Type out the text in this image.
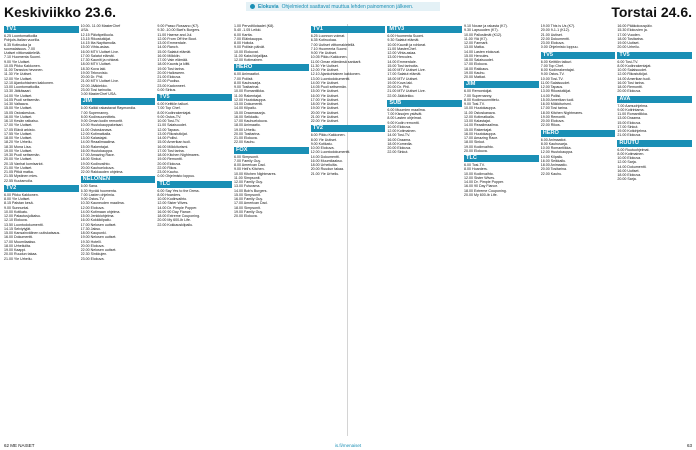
Keskiviikko 23.6.	Elokuvia Ohjelmiedot saattavat muuttua lehden painomenon jälkeen.	Torstai 24.6.
TV1
6.25 Luontomatkoilla
Pohjois-Italian vuorilla.
6.35 Kotiruoka ja
suomalaisuus. 7.00
Uutiset viittomakielellä.
7.10 Huomenta Suomi.
9.00 Yle Uutiset.
10.05 Pikku Kakkonen.
11.00 Tanssiva hevonen.
11.30 Yle Uutiset.
12.00 Yle Uutiset.
12.10 Ajankohtainen kakkonen.
13.00 Luontomatkoilla.
13.30 Jätkäsaari.
14.00 Yle Uutiset.
14.05 Puoli seitsemän.
14.30 Valtaava.
15.00 Yle Uutiset.
15.05 Ostoskeskus.
16.00 Yle Uutiset.
16.10 Kesän ratkaisu.
17.00 Yle Uutiset.
17.05 Elävä arkisto.
17.55 Yle Uutiset.
18.00 Yle Uutiset.
18.20 Yle Urheilu.
18.30 Mona Lisa.
19.00 Yle Uutiset.
19.30 Puoli seitsemän.
20.00 Yle Uutiset.
20.15 Vanhat komisariot.
21.00 Yle Uutiset.
21.05 Pitkä matka.
21.55 Mystinen mies.
22.55 Kuutamolla.
TV2
6.00 Pikku Kakkonen.
8.00 Yle Uutiset.
8.15 Palstan kesä.
9.00 Sunnuntai.
10.00 Kotikatu.
12.00 Palautusjulkaisu.
12.10 Elokuva.
13.50 Luontodokumentti.
14.15 Selviytyjät.
15.00 Kansainvälinen uutiskatsaus.
16.00 Dokumentti.
17.00 Muumilaakso.
18.00 Urheiluilta.
19.00 Kaappi.
20.00 Ruudun takaa.
21.00 Yle Urheilu.
10.00- 11.00 MasterChef
USA.
12.15 Päiväpeliluola.
13.15 Rikostutkijat.
14.15 Ilta Nayttamolla.
15.00 Vihta-asiaa.
16.00 MTV Uutiset Live.
17.00 Salatut elämät.
17.30 Kauniit ja rohkeat.
18.00 MTV Uutiset.
18.30 Kova laki.
19.00 Teknovisio.
20.00 Dr. Phil.
21.00 MTV Uutiset Live.
22.00 Jääkiekko.
23.00 Tosi tarinoita.
0.00 MasterChef USA.
JIM
6.00 Kaikki rakastavat Raymondia.
7.00 Supernanny.
8.00 Kodinsuunnittelu.
9.00 Oman kodin remontit.
10.00 Huutokauppakeisari.
11.00 Ostoskanava.
12.00 Kotimatkalla.
13.00 Kalastajat.
14.00 Reaalimaailma.
15.00 Rakentajat.
16.00 Huutokauppa.
17.00 Amazing Race.
18.00 Sinkut.
19.00 Kodinvaihto.
20.00 Kauhuelokuva.
22.00 Rakkauden ohjelma.
NELONEN
6.00 Sana.
6.30 Hyvää huomenta.
7.00 Lasten ohjelmia.
9.00 Ostos-TV.
10.30 Kauneuden maailma.
12.00 Elokuva.
14.00 Kotimaan ohjelma.
15.00 Jenkkiohjelma.
16.00 Kokkikilpailu.
17.00 Nelosen uutiset.
17.30 Jakso.
18.00 Kaupunki.
19.00 Nelosen uutiset.
19.30 Hotelli.
20.00 Elokuva.
22.00 Nelosen uutiset.
22.30 Sinkkujen.
23.00 Elokuva.
9.00 Passo Rossano (K7).
9.30 -10.00 Bart's Burgers.
11.00 Haerse and Jul.
12.00 From Off the Boot.
13.00 Emmerdale.
14.00 Ranch.
15.00 Salatut elämät.
16.00 Mökkiin.
17.00 Vain elämää.
18.00 Kaunis ja kiltti.
19.00 Tosi tarina.
20.00 Halloween.
21.00 Elokuva.
22.00 Puoliso.
23.00 Kadonneet.
0.00 Sirkus.
TV5
6.00 Keittiön taikuri.
7.00 Top Chef.
8.00 Kodinrakentajat.
9.00 Ostos-TV.
10.00 Tosi-TV.
11.00 Salaisuudet.
12.00 Tapaus.
13.00 Rikostutkijat.
14.00 Poliisi.
15.00 Amerikan tuoli.
16.00 Mökkiturismi.
17.00 Tosi tarina.
18.00 Kitchen Nightmares.
19.00 Remontti.
20.00 Elokuva.
22.00 Rikos.
23.00 Kauhu.
0.00 Ohjelmisto loppuu.
TLC
6.00 Say Yes to the Dress.
8.00 Hoarders.
10.00 Kodinvaihto.
12.00 Sister Wives.
14.00 Dr. Pimple Popper.
16.00 90 Day Fiance.
18.00 Extreme Couponing.
20.00 My 600-lb Life.
22.00 Kokkauskilpailu.
1.00 Pervoltilotaalet (K8).
5.40 -1.05 Leikki.
6.00 Kartta.
7.00 Eläinkauppa.
8.00 Hoitola.
9.00 Poliisin päivät.
10.00 Elokuvat.
11.00 Kaksi kirjailijaa.
12.00 Kotimainen.
HERO
6.00 Animaatiot.
7.00 Poliisit.
8.00 Kauhusarja.
9.00 Tositarinat.
10.00 Romantiikka.
11.00 Rakentajat.
12.00 Huutokauppa.
13.00 Dokumentti.
14.00 Kilpailu.
15.00 Draamasarja.
16.00 Seikkailu.
17.00 Kauhuelokuva.
18.00 Animaatio.
19.00 Urheilu.
20.00 Tositarina.
21.00 Elokuva.
22.00 Kauhu.
FOX
6.00 Simpsonit.
7.00 Family Guy.
8.00 American Dad.
9.00 Hell's Kitchen.
10.00 Kitchen Nightmares.
11.00 Simpsonit.
12.00 Family Guy.
13.00 Futurama.
14.00 Bob's Burgers.
15.00 Simpsonit.
16.00 Family Guy.
17.00 American Dad.
18.00 Simpsonit.
19.00 Family Guy.
20.00 Elokuva.
TV1
6.25 Luonnon voimat.
6.35 Kotiruokaa.
7.00 Uutiset viittomakielellä.
7.10 Huomenta Suomi.
9.00 Yle Uutiset.
10.05 Pikku Kakkonen.
11.00 Oman elämänsä sankarit.
11.30 Yle Uutiset.
12.00 Yle Uutiset.
12.10 Ajankohtainen kakkonen.
13.00 Luontodokumentti.
14.00 Yle Uutiset.
14.05 Puoli seitsemän.
15.00 Yle Uutiset.
16.00 Yle Uutiset.
17.00 Yle Uutiset.
18.00 Yle Uutiset.
19.00 Yle Uutiset.
20.00 Yle Uutiset.
21.00 Yle Uutiset.
22.00 Yle Uutiset.
TV2
6.00 Pikku Kakkonen.
8.00 Yle Uutiset.
9.00 Kotikatu.
10.00 Elokuva.
12.00 Luontodokumentti.
14.00 Dokumentti.
16.00 Muumilaakso.
18.00 Urheiluilta.
20.00 Ruudun takaa.
21.00 Yle Urheilu.
MTV3
6.00 Huomenta Suomi.
9.30 Salatut elämät.
10.00 Kauniit ja rohkeat.
11.00 MasterChef.
12.00 Vihta-asiaa.
13.00 Hercules.
14.00 Emmerdale.
15.00 Tosi tarinoita.
16.00 MTV Uutiset Live.
17.00 Salatut elämät.
18.00 MTV Uutiset.
19.00 Kova laki.
20.00 Dr. Phil.
21.00 MTV Uutiset Live.
22.00 Jääkiekko.
SUB
6.00 Muumien maailma.
7.00 Kissojen ystävät.
8.00 Lasten ohjelmat.
9.00 Kodin remontti.
10.00 Elokuva.
12.00 Kotimainen.
14.00 Tosi-TV.
16.00 Draama.
18.00 Komedia.
20.00 Elokuva.
22.00 Sinkut.
9.10 Nouse ja rakasta (K7).
9.30 Lapsuuden (K7).
10.00 Pallosilmät (K12).
11.00 Ylä (K7).
12.00 Farmarit.
13.00 Matka.
14.00 Lasten elokuvat.
15.00 Hercules.
16.00 Salaisuudet.
17.00 Elokuva.
18.00 Rakkaus.
19.00 Kauhu.
20.00 Matkat.
JIM
6.00 Remontoijat.
7.00 Supernanny.
8.00 Kodinsuunnittelu.
9.00 Tosi-TV.
10.00 Huutokauppa.
11.00 Ostoskanava.
12.00 Kotimatkalla.
13.00 Kalastajat.
14.00 Reaalimaailma.
15.00 Rakentajat.
16.00 Huutokauppa.
17.00 Amazing Race.
18.00 Sinkut.
19.00 Kodinvaihto.
20.00 Elokuva.
TLC
6.00 Tosi-TV.
8.00 Hoarders.
10.00 Kodinvaihto.
12.00 Sister Wives.
14.00 Dr. Pimple Popper.
16.00 90 Day Fiance.
18.00 Extreme Couponing.
20.00 My 600-lb Life.
19.00 This is Us (K7).
20.00 9-1-1 (K12).
21.00 Uutiset.
22.00 Dokumentti.
23.00 Elokuva.
0.00 Ohjelmisto loppuu.
TV5
6.00 Keittiön taikuri.
7.00 Top Chef.
8.00 Kodinrakentajat.
9.00 Ostos-TV.
10.00 Tosi-TV.
11.00 Salaisuudet.
12.00 Tapaus.
13.00 Rikostutkijat.
14.00 Poliisi.
15.00 Amerikan tuoli.
16.00 Mökkiturismi.
17.00 Tosi tarina.
18.00 Kitchen Nightmares.
19.00 Remontti.
20.00 Elokuva.
22.00 Rikos.
HERO
6.00 Animaatiot.
8.00 Kauhusarja.
10.00 Romantiikka.
12.00 Huutokauppa.
14.00 Kilpailu.
16.00 Seikkailu.
18.00 Animaatio.
20.00 Tositarina.
22.00 Kauhu.
16.00 Pääkokouspäiv.
15.30 Elokuvien ja.
17.00 Vuoden.
18.00 Tositarina.
19.00 Uutiset.
20.00 Urheilu.
TV5
6.00 Tosi-TV.
8.00 Kodinrakentajat.
10.00 Salaisuudet.
12.00 Rikostutkijat.
14.00 Amerikan tuoli.
16.00 Tosi tarina.
18.00 Remontti.
20.00 Elokuva.
AVA
7.00 Aamuohjelma.
9.00 Kotirintama.
11.00 Romantiikka.
13.00 Draama.
15.00 Elokuva.
17.00 Sinkut.
19.00 Kotiohjelma.
21.00 Elokuva.
RUUTU
6.00 Ruutuohjelmat.
8.00 Kotimainen.
10.00 Elokuva.
12.00 Sarja.
14.00 Dokumentti.
16.00 Uutiset.
18.00 Elokuva.
20.00 Sarja.
62 ME NAISET	is.fi/menaiset	63
